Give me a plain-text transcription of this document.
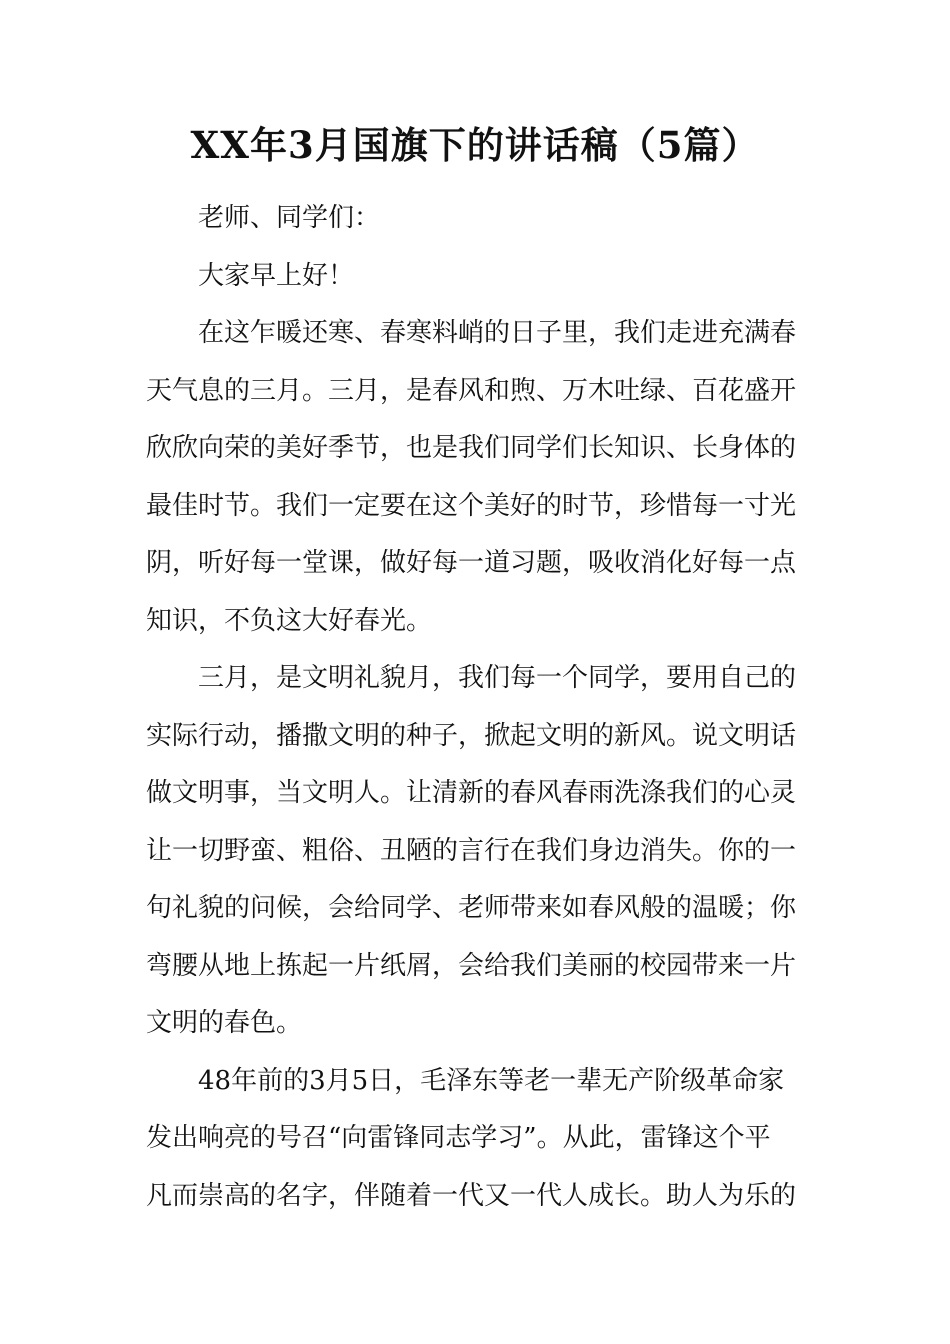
XX年3月国旗下的讲话稿（5篇）

老师、同学们：

大家早上好！

在这乍暖还寒、春寒料峭的日子里，我们走进充满春

天气息的三月。三月，是春风和煦、万木吐绿、百花盛开

欣欣向荣的美好季节，也是我们同学们长知识、长身体的

最佳时节。我们一定要在这个美好的时节，珍惜每一寸光

阴，听好每一堂课，做好每一道习题，吸收消化好每一点

知识，不负这大好春光。

三月，是文明礼貌月，我们每一个同学，要用自己的

实际行动，播撒文明的种子，掀起文明的新风。说文明话

做文明事，当文明人。让清新的春风春雨洗涤我们的心灵

让一切野蛮、粗俗、丑陋的言行在我们身边消失。你的一

句礼貌的问候，会给同学、老师带来如春风般的温暖；你

弯腰从地上拣起一片纸屑，会给我们美丽的校园带来一片

文明的春色。

48年前的3月5日，毛泽东等老一辈无产阶级革命家

发出响亮的号召“向雷锋同志学习”。从此，雷锋这个平

凡而崇高的名字，伴随着一代又一代人成长。助人为乐的
